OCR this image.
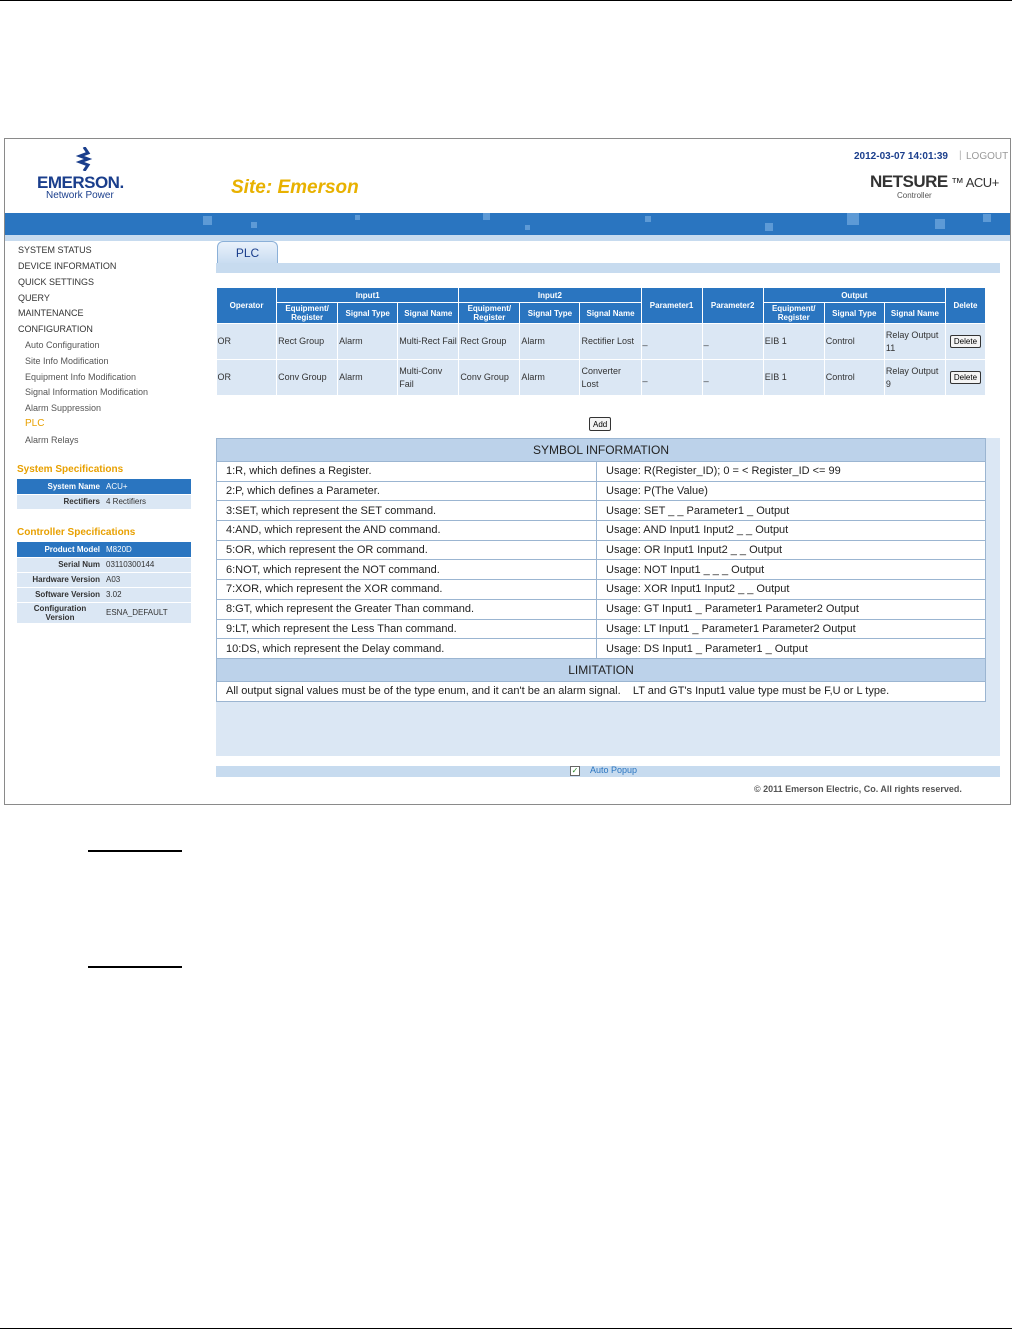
EMERSON.
Network Power	Site: Emerson
2012-03-07 14:01:39 | LOGOUT
NETSURE ™ ACU+
Controller
SYSTEM STATUS
DEVICE INFORMATION
QUICK SETTINGS
QUERY
MAINTENANCE
CONFIGURATION
Auto Configuration
Site Info Modification
Equipment Info Modification
Signal Information Modification
Alarm Suppression
PLC
Alarm Relays
System Specifications
System Name	ACU+
Rectifiers	4 Rectifiers
Controller Specifications
Product Model	M820D
Serial Num	03110300144
Hardware Version	A03
Software Version	3.02
Configuration Version	ESNA_DEFAULT
PLC
Operator	Input1			Input2			Parameter1	Parameter2	Output			Delete
	Equipment/ Register	Signal Type	Signal Name	Equipment/ Register	Signal Type	Signal Name			Equipment/ Register	Signal Type	Signal Name	
OR	Rect Group	Alarm	Multi-Rect Fail	Rect Group	Alarm	Rectifier Lost	_	_	EIB 1	Control	Relay Output 11	Delete
OR	Conv Group	Alarm	Multi-Conv Fail	Conv Group	Alarm	Converter Lost	_	_	EIB 1	Control	Relay Output 9	Delete
Add
SYMBOL INFORMATION	
1:R, which defines a Register.	Usage: R(Register_ID); 0 = < Register_ID <= 99
2:P, which defines a Parameter.	Usage: P(The Value)
3:SET, which represent the SET command.	Usage: SET _ _ Parameter1 _ Output
4:AND, which represent the AND command.	Usage: AND Input1 Input2 _ _ Output
5:OR, which represent the OR command.	Usage: OR Input1 Input2 _ _ Output
6:NOT, which represent the NOT command.	Usage: NOT Input1 _ _ _ Output
7:XOR, which represent the XOR command.	Usage: XOR Input1 Input2 _ _ Output
8:GT, which represent the Greater Than command.	Usage: GT Input1 _ Parameter1 Parameter2 Output
9:LT, which represent the Less Than command.	Usage: LT Input1 _ Parameter1 Parameter2 Output
10:DS, which represent the Delay command.	Usage: DS Input1 _ Parameter1 _ Output
LIMITATION	
All output signal values must be of the type enum, and it can't be an alarm signal.    LT and GT's Input1 value type must be F,U or L type.	
✓ Auto Popup
© 2011 Emerson Electric, Co. All rights reserved.
